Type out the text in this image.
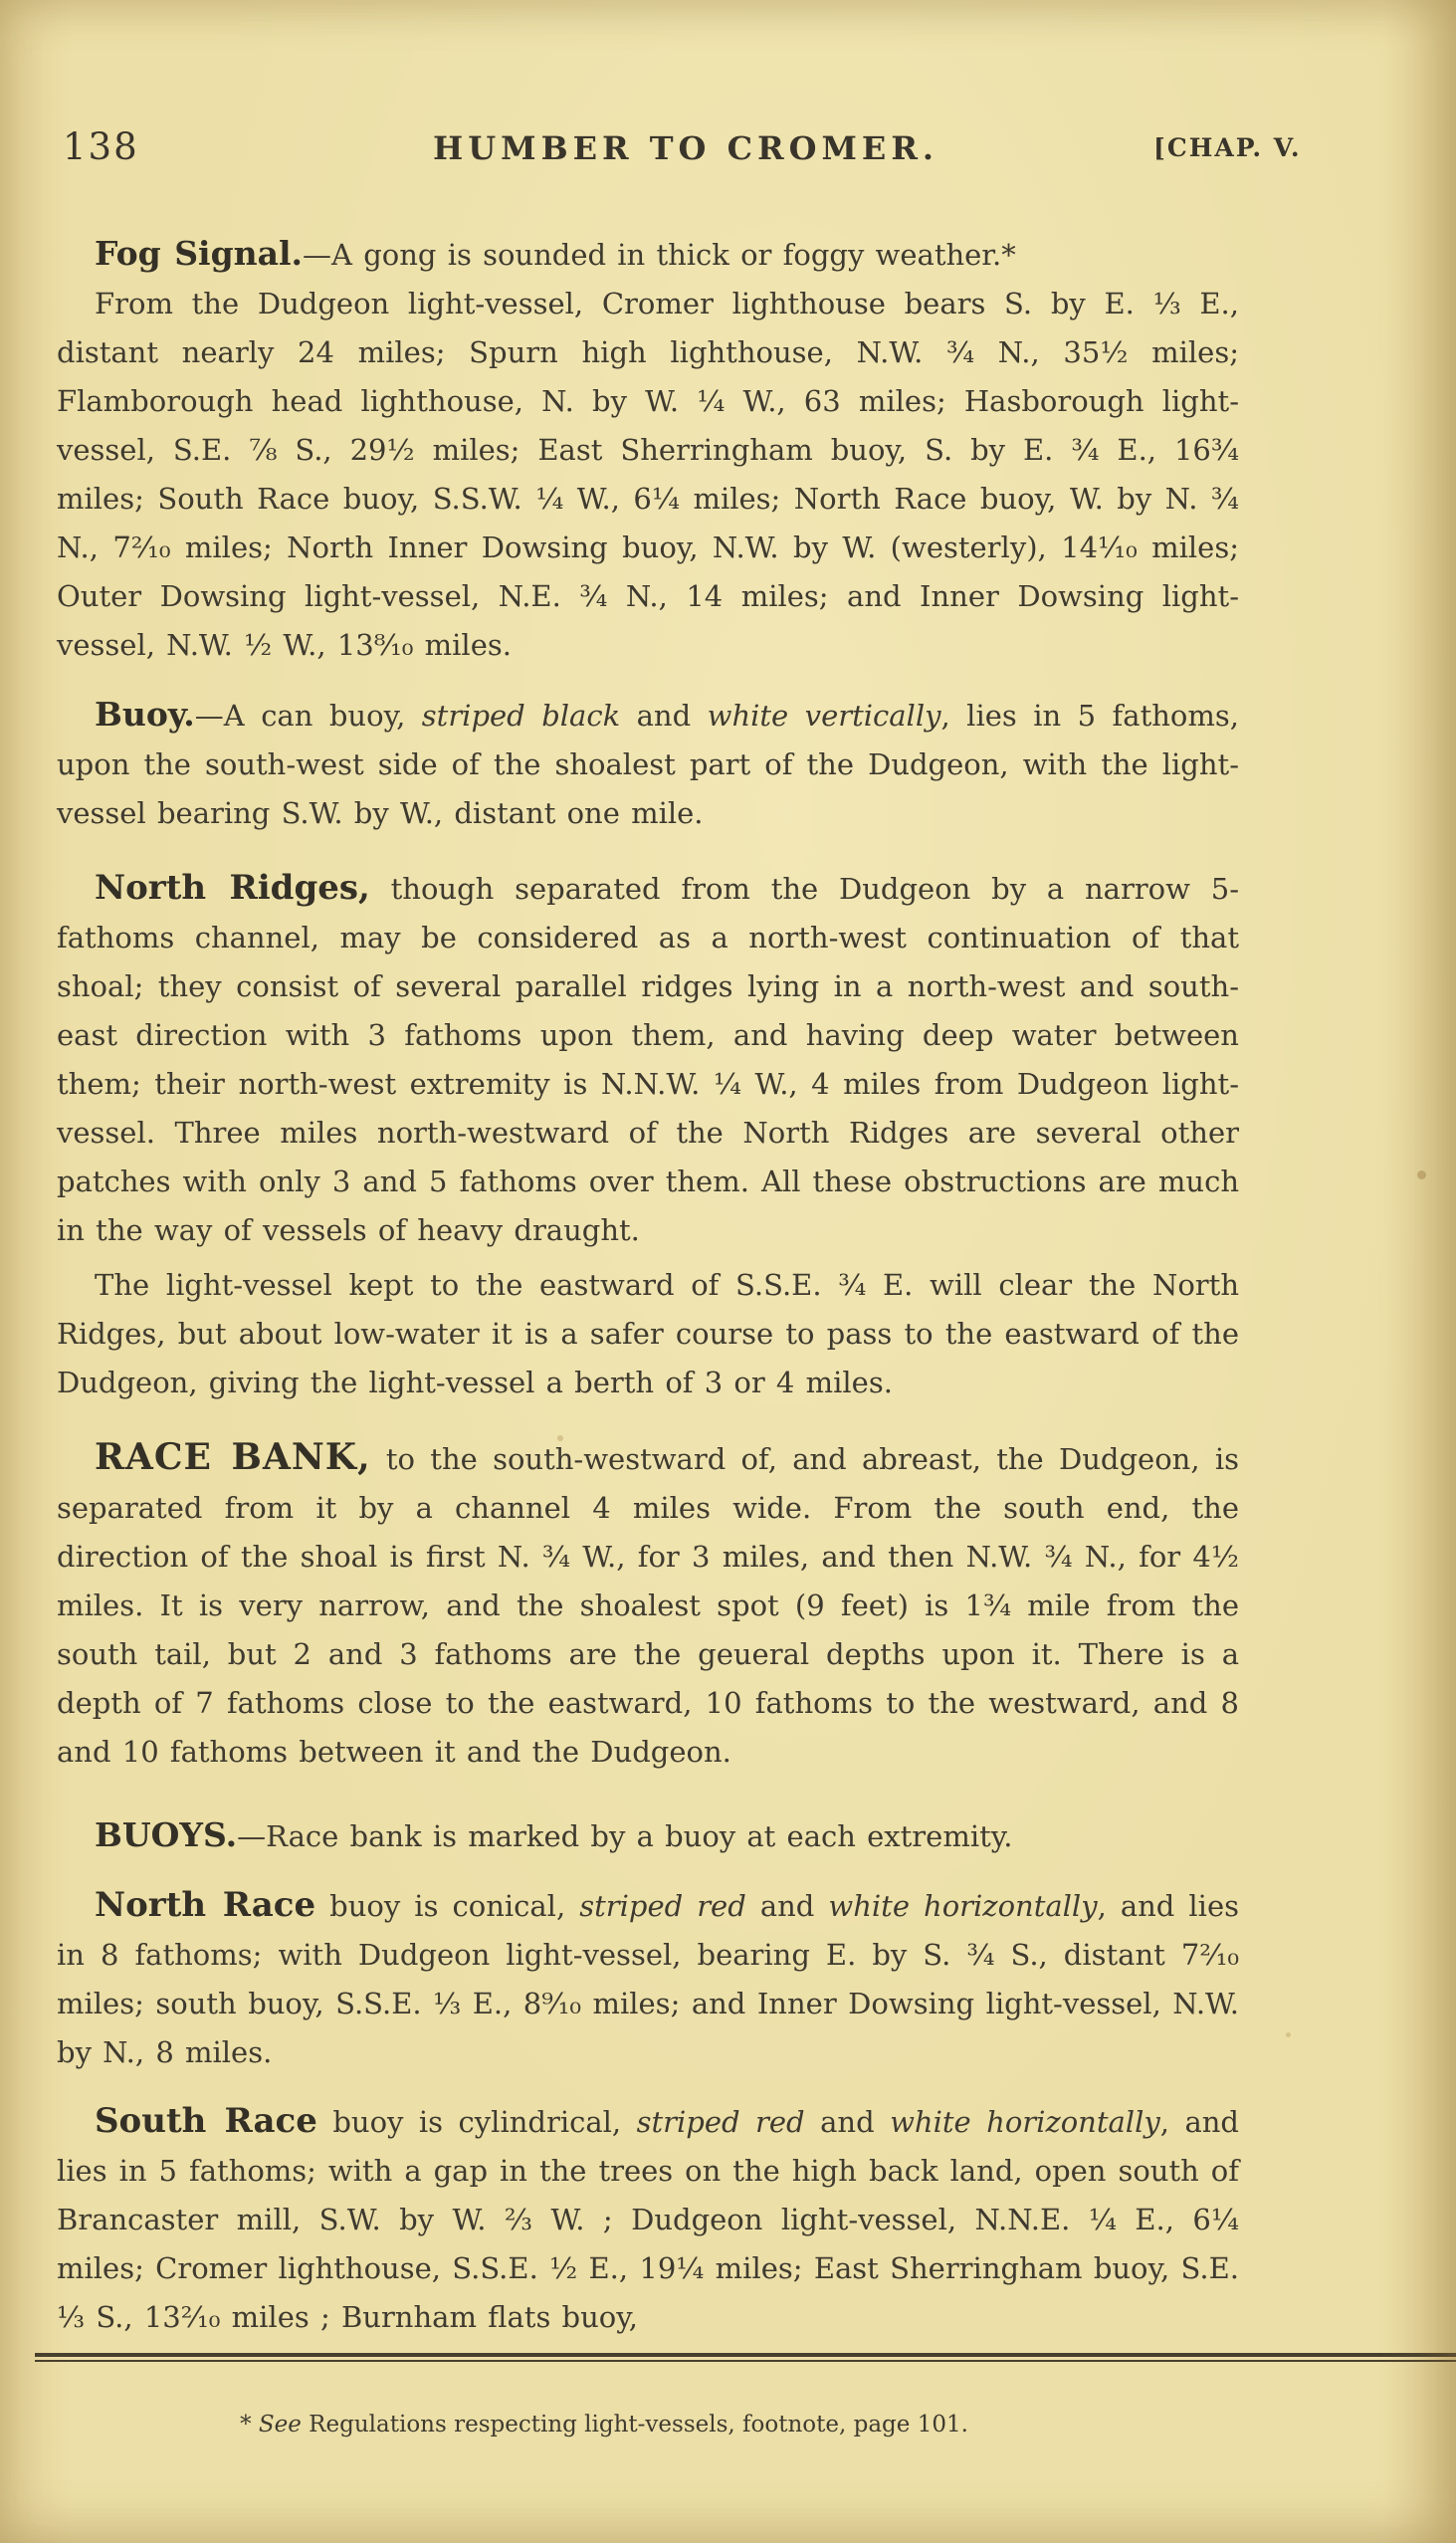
138	HUMBER TO CROMER.	[CHAP. V.

Fog Signal.—A gong is sounded in thick or foggy weather.*

From the Dudgeon light-vessel, Cromer lighthouse bears S. by E. ⅓ E., distant nearly 24 miles; Spurn high lighthouse, N.W. ¾ N., 35½ miles; Flamborough head lighthouse, N. by W. ¼ W., 63 miles; Hasborough light-vessel, S.E. ⅞ S., 29½ miles; East Sherringham buoy, S. by E. ¾ E., 16¾ miles; South Race buoy, S.S.W. ¼ W., 6¼ miles; North Race buoy, W. by N. ¾ N., 7²⁄₁₀ miles; North Inner Dowsing buoy, N.W. by W. (westerly), 14¹⁄₁₀ miles; Outer Dowsing light-vessel, N.E. ¾ N., 14 miles; and Inner Dowsing light-vessel, N.W. ½ W., 13⁸⁄₁₀ miles.

Buoy.—A can buoy, striped black and white vertically, lies in 5 fathoms, upon the south-west side of the shoalest part of the Dudgeon, with the light-vessel bearing S.W. by W., distant one mile.

North Ridges, though separated from the Dudgeon by a narrow 5-fathoms channel, may be considered as a north-west continuation of that shoal; they consist of several parallel ridges lying in a north-west and south-east direction with 3 fathoms upon them, and having deep water between them; their north-west extremity is N.N.W. ¼ W., 4 miles from Dudgeon light-vessel. Three miles north-westward of the North Ridges are several other patches with only 3 and 5 fathoms over them. All these obstructions are much in the way of vessels of heavy draught.

The light-vessel kept to the eastward of S.S.E. ¾ E. will clear the North Ridges, but about low-water it is a safer course to pass to the eastward of the Dudgeon, giving the light-vessel a berth of 3 or 4 miles.

RACE BANK, to the south-westward of, and abreast, the Dudgeon, is separated from it by a channel 4 miles wide. From the south end, the direction of the shoal is first N. ¾ W., for 3 miles, and then N.W. ¾ N., for 4½ miles. It is very narrow, and the shoalest spot (9 feet) is 1¾ mile from the south tail, but 2 and 3 fathoms are the geueral depths upon it. There is a depth of 7 fathoms close to the eastward, 10 fathoms to the westward, and 8 and 10 fathoms between it and the Dudgeon.

BUOYS.—Race bank is marked by a buoy at each extremity.

North Race buoy is conical, striped red and white horizontally, and lies in 8 fathoms; with Dudgeon light-vessel, bearing E. by S. ¾ S., distant 7²⁄₁₀ miles; south buoy, S.S.E. ⅓ E., 8⁹⁄₁₀ miles; and Inner Dowsing light-vessel, N.W. by N., 8 miles.

South Race buoy is cylindrical, striped red and white horizontally, and lies in 5 fathoms; with a gap in the trees on the high back land, open south of Brancaster mill, S.W. by W. ⅔ W. ; Dudgeon light-vessel, N.N.E. ¼ E., 6¼ miles; Cromer lighthouse, S.S.E. ½ E., 19¼ miles; East Sherringham buoy, S.E. ⅓ S., 13²⁄₁₀ miles ; Burnham flats buoy,

* See Regulations respecting light-vessels, footnote, page 101.
